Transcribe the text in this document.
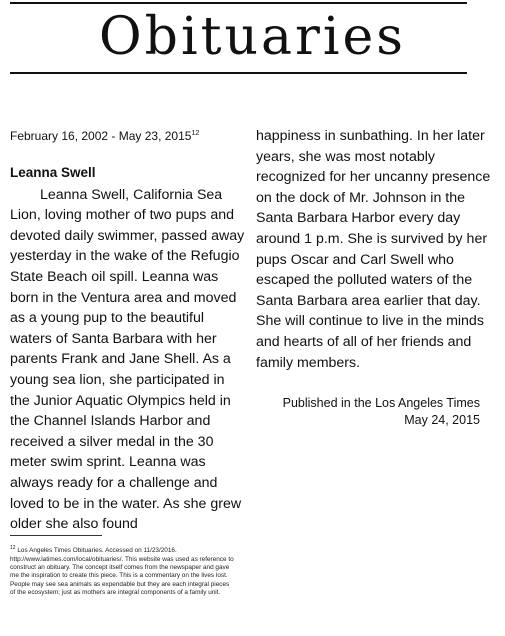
Obituaries
February 16, 2002 - May 23, 2015$^{12}$
Leanna Swell

Leanna Swell, California Sea Lion, loving mother of two pups and devoted daily swimmer, passed away yesterday in the wake of the Refugio State Beach oil spill. Leanna was born in the Ventura area and moved as a young pup to the beautiful waters of Santa Barbara with her parents Frank and Jane Shell. As a young sea lion, she participated in the Junior Aquatic Olympics held in the Channel Islands Harbor and received a silver medal in the 30 meter swim sprint. Leanna was always ready for a challenge and loved to be in the water. As she grew older she also found

happiness in sunbathing. In her later years, she was most notably recognized for her uncanny presence on the dock of Mr. Johnson in the Santa Barbara Harbor every day around 1 p.m. She is survived by her pups Oscar and Carl Swell who escaped the polluted waters of the Santa Barbara area earlier that day. She will continue to live in the minds and hearts of all of her friends and family members.

Published in the Los Angeles Times
May 24, 2015
$^{12}$ Los Angeles Times Obituaries. Accessed on 11/23/2016. http://www.latimes.com/local/obituaries/. This website was used as reference to construct an obituary. The concept itself comes from the newspaper and gave me the inspiration to create this piece. This is a commentary on the lives lost. People may see sea animals as expendable but they are each integral pieces of the ecosystem; just as mothers are integral components of a family unit.
